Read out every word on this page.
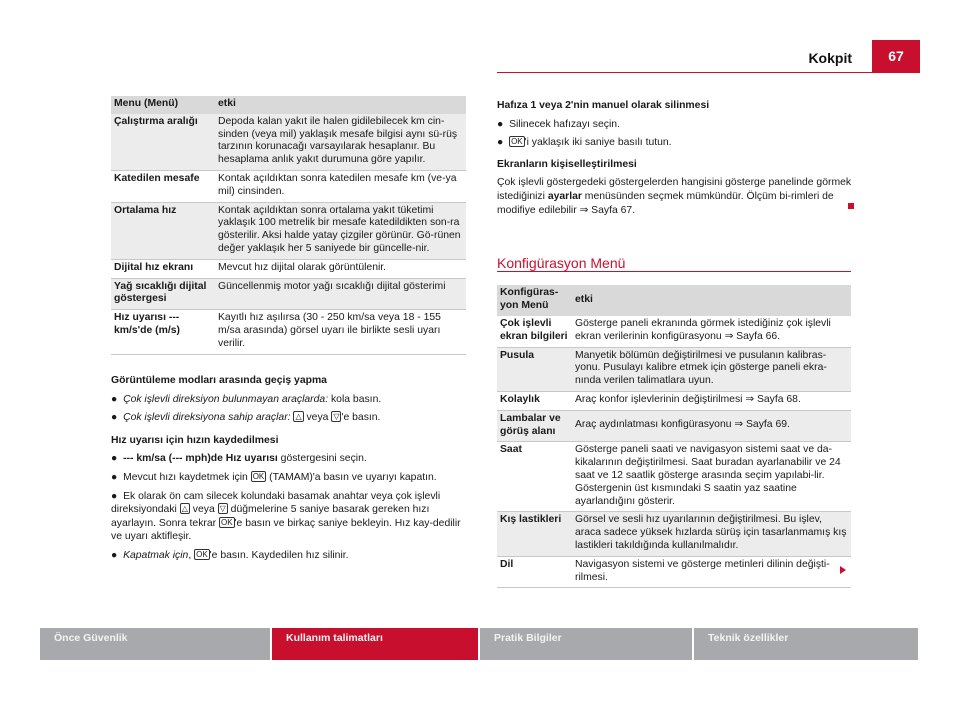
Kokpit	67
Menu (Menü)	etki
Çalıştırma aralığı	Depoda kalan yakıt ile halen gidilebilecek km cin-sinden (veya mil) yaklaşık mesafe bilgisi aynı sü-rüş tarzının korunacağı varsayılarak hesaplanır. Bu hesaplama anlık yakıt durumuna göre yapılır.
Katedilen mesafe	Kontak açıldıktan sonra katedilen mesafe km (ve-ya mil) cinsinden.
Ortalama hız	Kontak açıldıktan sonra ortalama yakıt tüketimi yaklaşık 100 metrelik bir mesafe katedildikten son-ra gösterilir. Aksi halde yatay çizgiler görünür. Gö-rünen değer yaklaşık her 5 saniyede bir güncelle-nir.
Dijital hız ekranı	Mevcut hız dijital olarak görüntülenir.
Yağ sıcaklığı dijital göstergesi	Güncellenmiş motor yağı sıcaklığı dijital gösterimi
Hız uyarısı --- km/s'de (m/s)	Kayıtlı hız aşılırsa (30 - 250 km/sa veya 18 - 155 m/sa arasında) görsel uyarı ile birlikte sesli uyarı verilir.
Görüntüleme modları arasında geçiş yapma
●  Çok işlevli direksiyon bulunmayan araçlarda: kola basın.
●  Çok işlevli direksiyona sahip araçlar: △ veya ▽ 'e basın.
Hız uyarısı için hızın kaydedilmesi
●  --- km/sa (--- mph)de Hız uyarısı göstergesini seçin.
●  Mevcut hızı kaydetmek için OK (TAMAM)'a basın ve uyarıyı kapatın.
●  Ek olarak ön cam silecek kolundaki basamak anahtar veya çok işlevli direksiyondaki △ veya ▽ düğmelerine 5 saniye basarak gereken hızı ayarlayın. Sonra tekrar OK 'e basın ve birkaç saniye bekleyin. Hız kay-dedilir ve uyarı aktifleşir.
●  Kapatmak için, OK 'e basın. Kaydedilen hız silinir.
Hafıza 1 veya 2'nin manuel olarak silinmesi
●  Silinecek hafızayı seçin.
●  OK 'i yaklaşık iki saniye basılı tutun.
Ekranların kişiselleştirilmesi
Çok işlevli göstergedeki göstergelerden hangisini gösterge panelinde görmek istediğinizi ayarlar menüsünden seçmek mümkündür. Ölçüm bi-rimleri de modifiye edilebilir ⇒ Sayfa 67.
Konfigürasyon Menü
Konfigüras-yon Menü	etki
Çok işlevli ekran bilgileri	Gösterge paneli ekranında görmek istediğiniz çok işlevli ekran verilerinin konfigürasyonu ⇒ Sayfa 66.
Pusula	Manyetik bölümün değiştirilmesi ve pusulanın kalibras-yonu. Pusulayı kalibre etmek için gösterge paneli ekra-nında verilen talimatlara uyun.
Kolaylık	Araç konfor işlevlerinin değiştirilmesi ⇒ Sayfa 68.
Lambalar ve görüş alanı	Araç aydınlatması konfigürasyonu ⇒ Sayfa 69.
Saat	Gösterge paneli saati ve navigasyon sistemi saat ve da-kikalarının değiştirilmesi. Saat buradan ayarlanabilir ve 24 saat ve 12 saatlik gösterge arasında seçim yapılabi-lir. Göstergenin üst kısmındaki S saatin yaz saatine ayarlandığını gösterir.
Kış lastikleri	Görsel ve sesli hız uyarılarının değiştirilmesi. Bu işlev, araca sadece yüksek hızlarda sürüş için tasarlanmamış kış lastikleri takıldığında kullanılmalıdır.
Dil	Navigasyon sistemi ve gösterge metinleri dilinin değişti-rilmesi.
Önce Güvenlik	Kullanım talimatları	Pratik Bilgiler	Teknik özellikler
